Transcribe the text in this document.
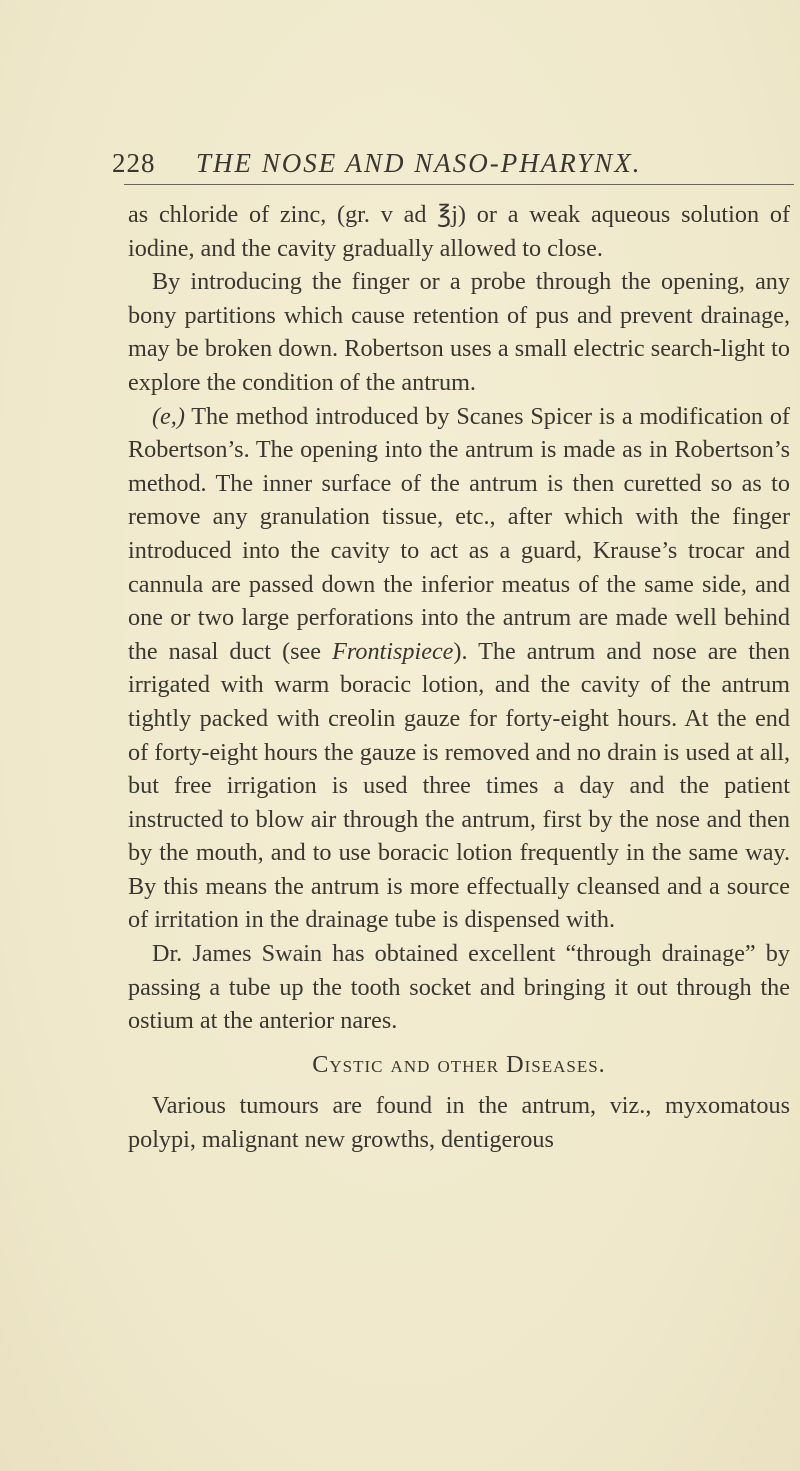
228 THE NOSE AND NASO-PHARYNX.

as chloride of zinc, (gr. v ad ℥j) or a weak aqueous solution of iodine, and the cavity gradually allowed to close.

By introducing the finger or a probe through the opening, any bony partitions which cause retention of pus and prevent drainage, may be broken down. Robertson uses a small electric search-light to explore the condition of the antrum.

(e,) The method introduced by Scanes Spicer is a modification of Robertson’s. The opening into the antrum is made as in Robertson’s method. The inner surface of the antrum is then curetted so as to remove any granulation tissue, etc., after which with the finger introduced into the cavity to act as a guard, Krause’s trocar and cannula are passed down the inferior meatus of the same side, and one or two large perforations into the antrum are made well behind the nasal duct (see Frontispiece). The antrum and nose are then irrigated with warm boracic lotion, and the cavity of the antrum tightly packed with creolin gauze for forty-eight hours. At the end of forty-eight hours the gauze is removed and no drain is used at all, but free irrigation is used three times a day and the patient instructed to blow air through the antrum, first by the nose and then by the mouth, and to use boracic lotion frequently in the same way. By this means the antrum is more effectually cleansed and a source of irritation in the drainage tube is dispensed with.

Dr. James Swain has obtained excellent “through drainage” by passing a tube up the tooth socket and bringing it out through the ostium at the anterior nares.

Cystic and other Diseases.

Various tumours are found in the antrum, viz., myxomatous polypi, malignant new growths, dentigerous
